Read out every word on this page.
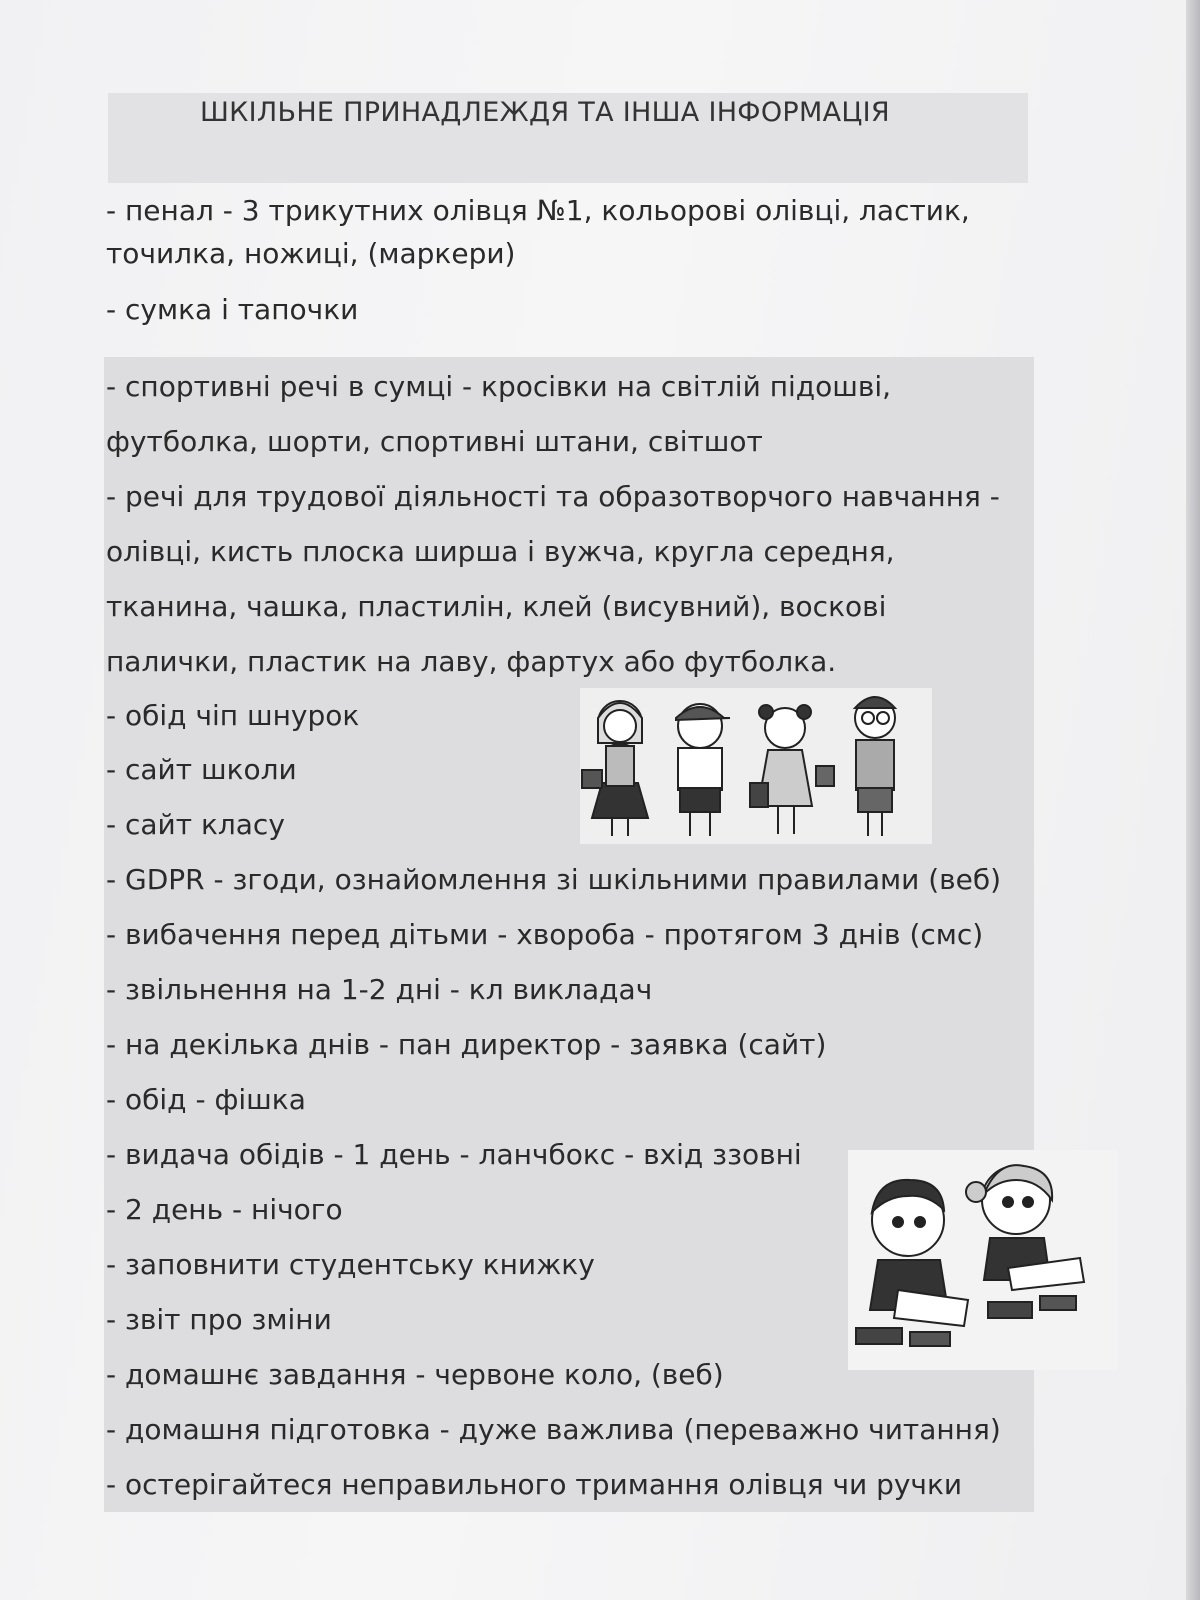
ШКІЛЬНЕ ПРИНАДЛЕЖДЯ ТА ІНША ІНФОРМАЦІЯ
- пенал - 3 трикутних олівця №1, кольорові олівці, ластик,
точилка, ножиці, (маркери)
- сумка і тапочки
- спортивні речі в сумці - кросівки на світлій підошві,
футболка, шорти, спортивні штани, світшот
- речі для трудової діяльності та образотворчого навчання -
олівці, кисть плоска ширша і вужча, кругла середня,
тканина, чашка, пластилін, клей (висувний), воскові
палички, пластик на лаву, фартух або футболка.
- обід чіп шнурок
- сайт школи
- сайт класу
- GDPR - згоди, ознайомлення зі шкільними правилами (веб)
- вибачення перед дітьми - хвороба - протягом 3 днів (смс)
- звільнення на 1-2 дні - кл викладач
- на декілька днів - пан директор - заявка (сайт)
- обід - фішка
- видача обідів - 1 день - ланчбокс - вхід ззовні
- 2 день - нічого
- заповнити студентську книжку
- звіт про зміни
- домашнє завдання - червоне коло, (веб)
- домашня підготовка - дуже важлива (переважно читання)
- остерігайтеся неправильного тримання олівця чи ручки
